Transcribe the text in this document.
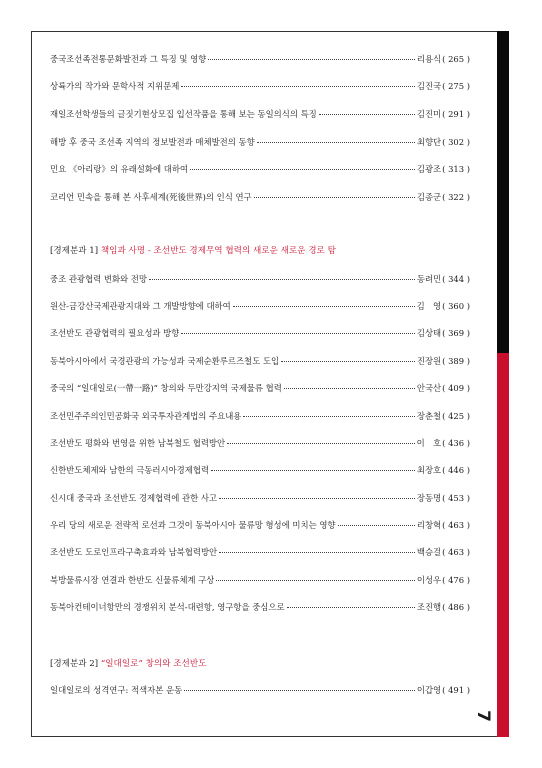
중국조선족전통문화발전과 그 특징 및 영향	리용식 ( 265 )
상륙가의 작가와 문학사적 지위문제	김진국 ( 275 )
재일조선학생들의 글짓기현상모집 입선작품을 통해 보는 동일의식의 특징	김진미 ( 291 )
해방 후 중국 조선족 지역의 정보발전과 매체발전의 동향	최향단 ( 302 )
민요 《아리랑》의 유래설화에 대하여	김광조 ( 313 )
코리언 민속을 통해 본 사후세계(死後世界)의 인식 연구	김종군 ( 322 )
[경제분과 1] 책임과 사명 - 조선반도 경제무역 협력의 새로운 새로운 경로 탐
중조 관광협력 변화와 전망	동려민 ( 344 )
원산-금강산국제관광지대와 그 개발방향에 대하여	김　영 ( 360 )
조선반도 관광협력의 필요성과 방향	김상태 ( 369 )
동북아시아에서 국경관광의 가능성과 국제순환루르즈철도 도입	진장원 ( 389 )
중국의 “일대일로(一帶一路)” 창의와 두만강지역 국제물류 협력	안국산 ( 409 )
조선민주주의인민공화국 외국투자관계법의 주요내용	장춘철 ( 425 )
조선반도 평화와 번영을 위한 남북철도 협력방안	이　호 ( 436 )
신한반도체제와 남한의 극동러시아경제협력	최장호 ( 446 )
신시대 중국과 조선반도 경제협력에 관한 사고	장동명 ( 453 )
우리 당의 새로운 전략적 로선과 그것이 동북아시아 물류망 형성에 미치는 영향	리창혁 ( 463 )
조선반도 도로인프라구축효과와 남북협력방안	백승걸 ( 463 )
북방물류시장 연결과 한반도 신물류체계 구상	이성우 ( 476 )
동북아컨테이너항만의 경쟁위치 분석-대련항, 영구항을 중심으로	조진행 ( 486 )
[경제분과 2] “일대일로” 창의와 조선반도
일대일로의 성격연구: 적색자본 운동	이갑영 ( 491 )
7
